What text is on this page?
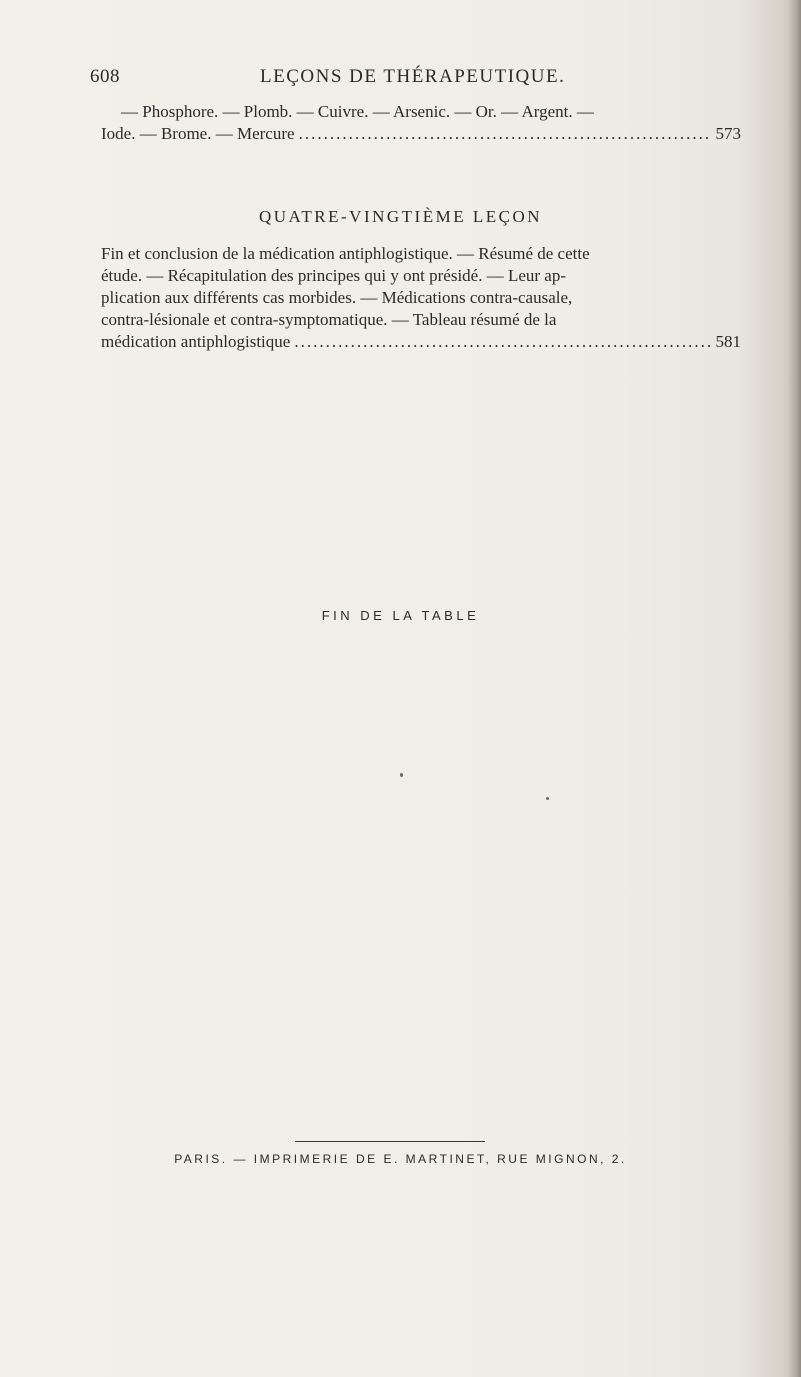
608	LEÇONS DE THÉRAPEUTIQUE.
— Phosphore. — Plomb. — Cuivre. — Arsenic. — Or. — Argent. —
Iode. — Brome. — Mercure .....	573
QUATRE-VINGTIÈME LEÇON
Fin et conclusion de la médication antiphlogistique. — Résumé de cette
étude. — Récapitulation des principes qui y ont présidé. — Leur ap-
plication aux différents cas morbides. — Médications contra-causale,
contra-lésionale et contra-symptomatique. — Tableau résumé de la
médication antiphlogistique .....	581
FIN DE LA TABLE
PARIS. — IMPRIMERIE DE E. MARTINET, RUE MIGNON, 2.
